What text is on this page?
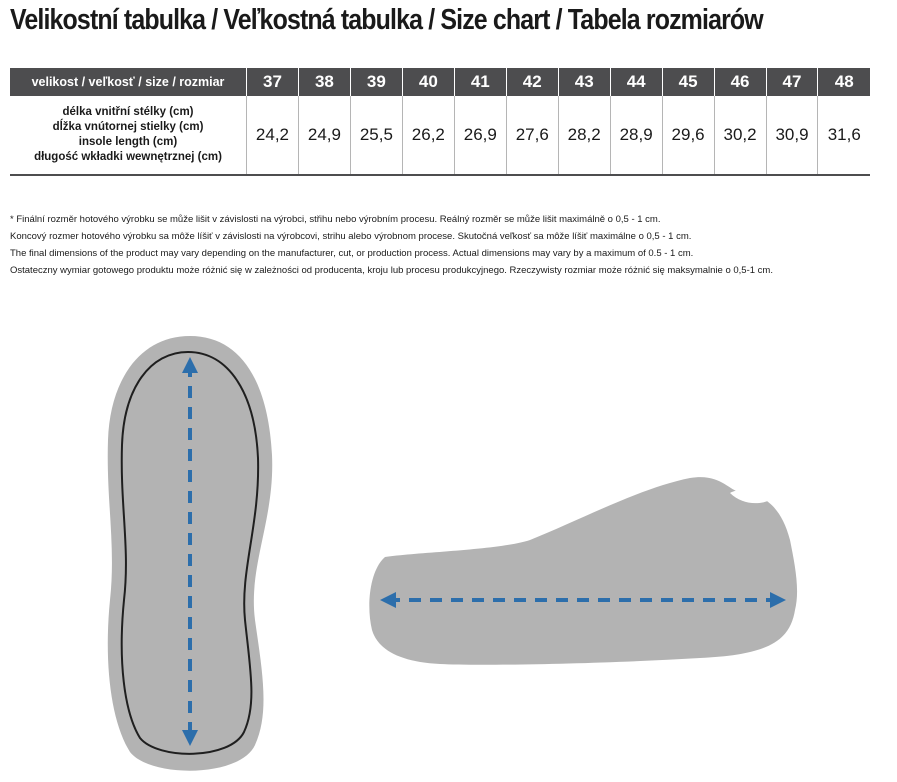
Velikostní tabulka / Veľkostná tabulka / Size chart / Tabela rozmiarów
velikost / veľkosť / size / rozmiar	37	38	39	40	41	42	43	44	45	46	47	48

délka vnitřní stélky (cm)
dĺžka vnútornej stielky (cm)
insole length (cm)
długość wkładki wewnętrznej (cm)	24,2	24,9	25,5	26,2	26,9	27,6	28,2	28,9	29,6	30,2	30,9	31,6
* Finální rozměr hotového výrobku se může lišit v závislosti na výrobci, střihu nebo výrobním procesu. Reálný rozměr se může lišit maximálně o 0,5 - 1 cm.
Koncový rozmer hotového výrobku sa môže líšiť v závislosti na výrobcovi, strihu alebo výrobnom procese. Skutočná veľkosť sa môže líšiť maximálne o 0,5 - 1 cm.
The final dimensions of the product may vary depending on the manufacturer, cut, or production process. Actual dimensions may vary by a maximum of 0.5 - 1 cm.
Ostateczny wymiar gotowego produktu może różnić się w zależności od producenta, kroju lub procesu produkcyjnego. Rzeczywisty rozmiar może różnić się maksymalnie o 0,5-1 cm.
